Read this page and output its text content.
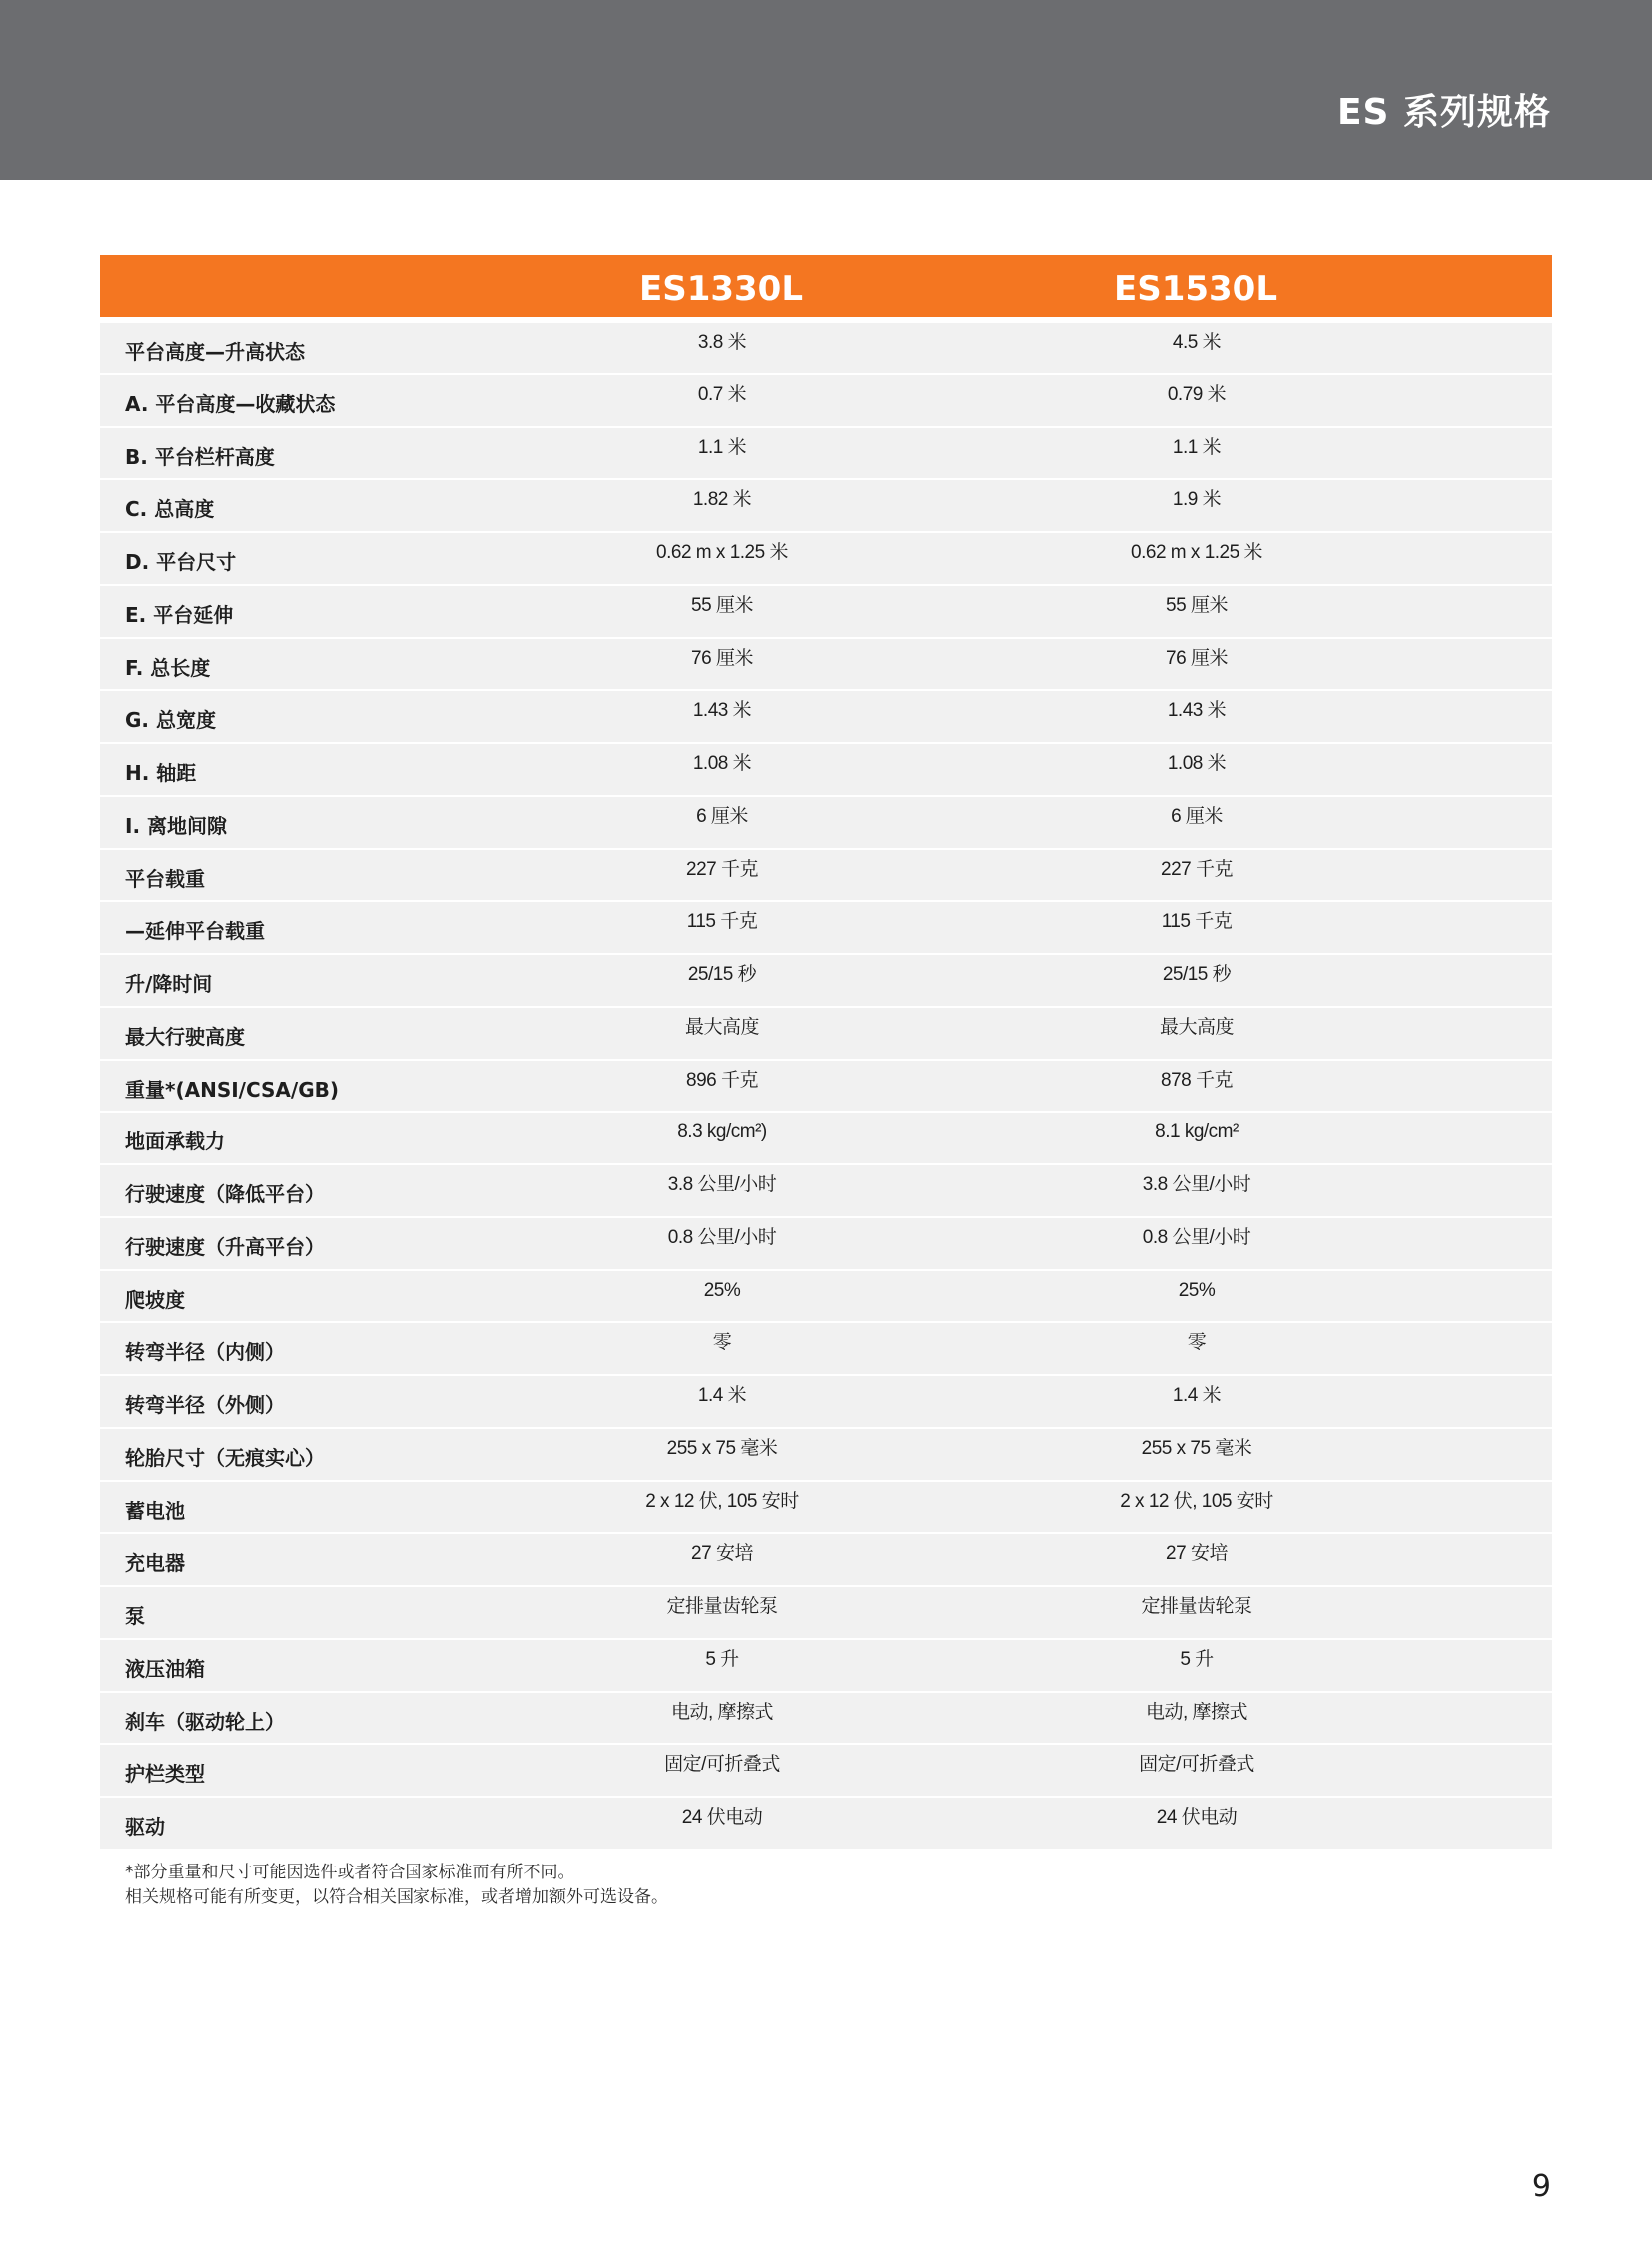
ES 系列规格
ES1330L	ES1530L
平台高度—升高状态	3.8 米	4.5 米
A. 平台高度—收藏状态	0.7 米	0.79 米
B. 平台栏杆高度	1.1 米	1.1 米
C. 总高度	1.82 米	1.9 米
D. 平台尺寸	0.62 m x 1.25 米	0.62 m x 1.25 米
E. 平台延伸	55 厘米	55 厘米
F. 总长度	76 厘米	76 厘米
G. 总宽度	1.43 米	1.43 米
H. 轴距	1.08 米	1.08 米
I. 离地间隙	6 厘米	6 厘米
平台载重	227 千克	227 千克
—延伸平台载重	115 千克	115 千克
升/降时间	25/15 秒	25/15 秒
最大行驶高度	最大高度	最大高度
重量*(ANSI/CSA/GB)	896 千克	878 千克
地面承载力	8.3 kg/cm²)	8.1 kg/cm²
行驶速度（降低平台）	3.8 公里/小时	3.8 公里/小时
行驶速度（升高平台）	0.8 公里/小时	0.8 公里/小时
爬坡度	25%	25%
转弯半径（内侧）	零	零
转弯半径（外侧）	1.4 米	1.4 米
轮胎尺寸（无痕实心）	255 x 75 毫米	255 x 75 毫米
蓄电池	2 x 12 伏, 105 安时	2 x 12 伏, 105 安时
充电器	27 安培	27 安培
泵	定排量齿轮泵	定排量齿轮泵
液压油箱	5 升	5 升
刹车（驱动轮上）	电动, 摩擦式	电动, 摩擦式
护栏类型	固定/可折叠式	固定/可折叠式
驱动	24 伏电动	24 伏电动
*部分重量和尺寸可能因选件或者符合国家标准而有所不同。
相关规格可能有所变更，以符合相关国家标准，或者增加额外可选设备。
9
